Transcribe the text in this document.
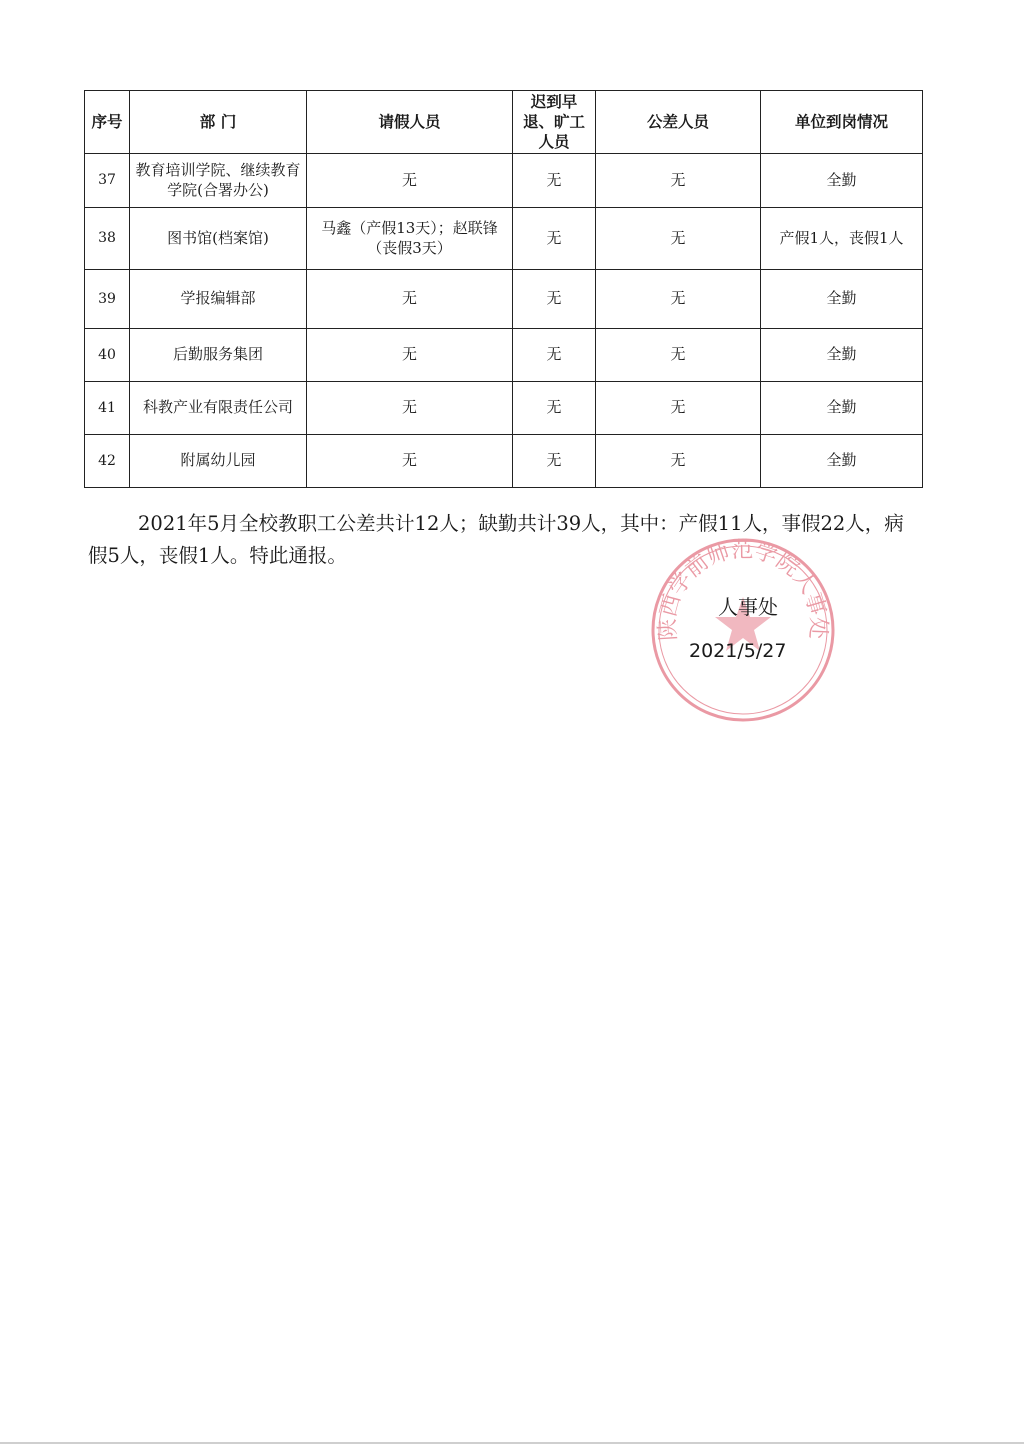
序号	部 门	请假人员	迟到早退、旷工人员	公差人员	单位到岗情况
37	教育培训学院、继续教育学院(合署办公)	无	无	无	全勤
38	图书馆(档案馆)	马鑫（产假13天）；赵联锋（丧假3天）	无	无	产假1人，丧假1人
39	学报编辑部	无	无	无	全勤
40	后勤服务集团	无	无	无	全勤
41	科教产业有限责任公司	无	无	无	全勤
42	附属幼儿园	无	无	无	全勤

2021年5月全校教职工公差共计12人；缺勤共计39人，其中：产假11人，事假22人，病假5人，丧假1人。特此通报。

陕西学前师范学院人事处
人事处
2021/5/27
